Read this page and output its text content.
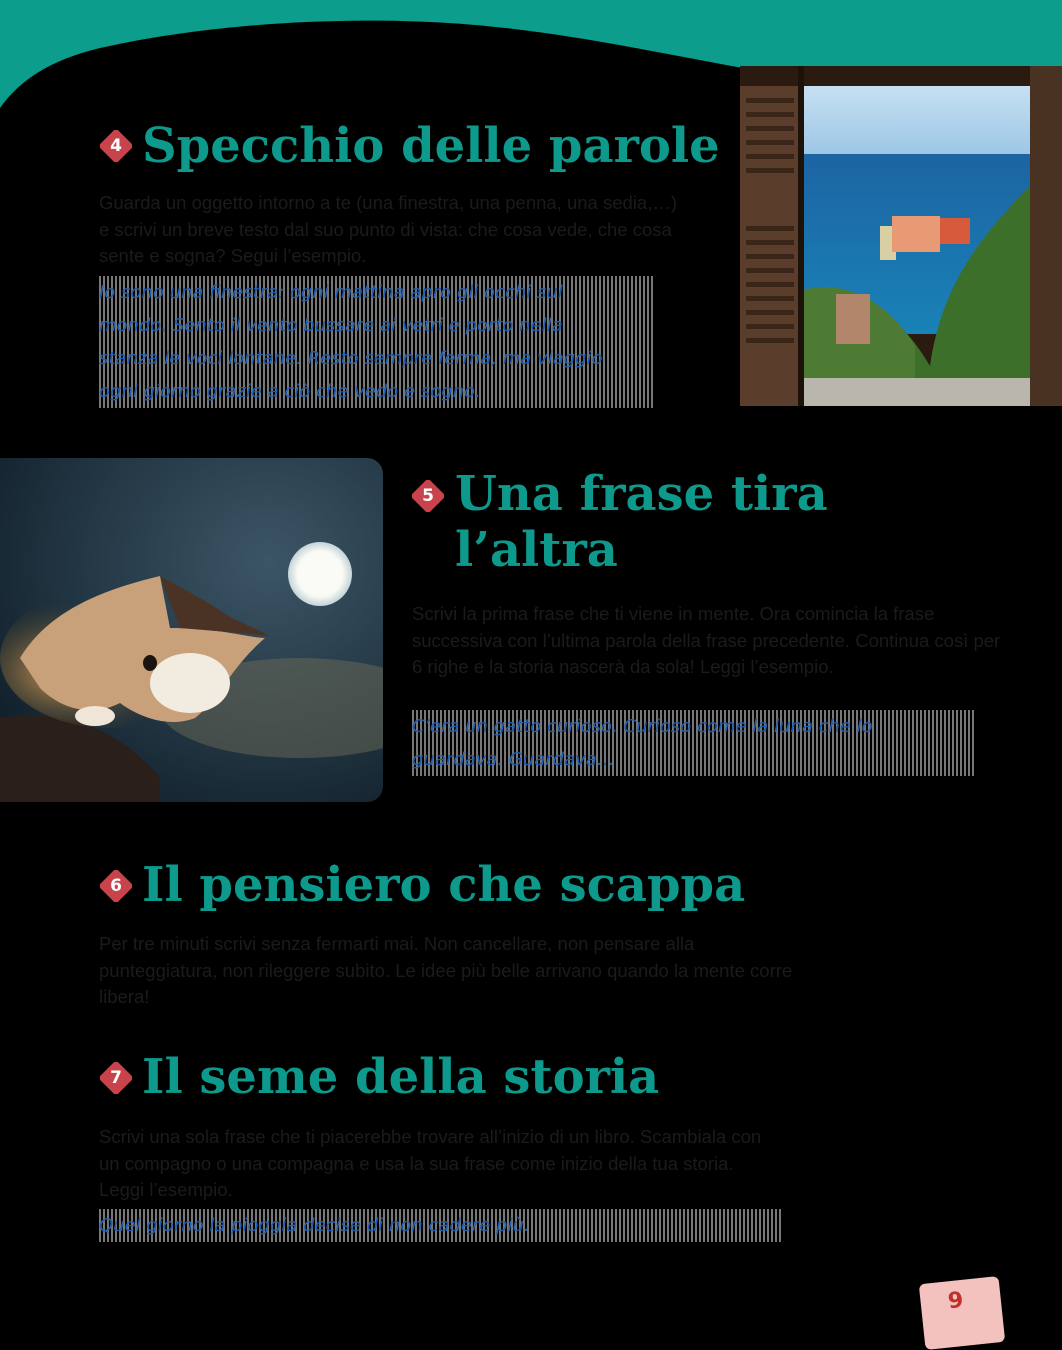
4 Specchio delle parole

Guarda un oggetto intorno a te (una finestra, una penna, una sedia,…) e scrivi un breve testo dal suo punto di vista: che cosa vede, che cosa sente e sogna? Segui l’esempio.

Io sono una finestra: ogni mattina apro gli occhi sul
mondo. Sento il vento bussare ai vetri e porto nella
stanza le voci lontane. Resto sempre ferma, ma viaggio
ogni giorno grazie a ciò che vedo e sogno.
5 Una frase tira
l’altra

Scrivi la prima frase che ti viene in mente. Ora comincia la frase successiva con l’ultima parola della frase precedente. Continua così per 6 righe e la storia nascerà da sola! Leggi l’esempio.

C’era un gatto curioso. Curioso come la luna che lo
guardava. Guardava…
6 Il pensiero che scappa

Per tre minuti scrivi senza fermarti mai. Non cancellare, non pensare alla punteggiatura, non rileggere subito. Le idee più belle arrivano quando la mente corre libera!

7 Il seme della storia

Scrivi una sola frase che ti piacerebbe trovare all’inizio di un libro. Scambiala con un compagno o una compagna e usa la sua frase come inizio della tua storia. Leggi l’esempio.

Quel giorno la pioggia decise di non cadere più.
9
